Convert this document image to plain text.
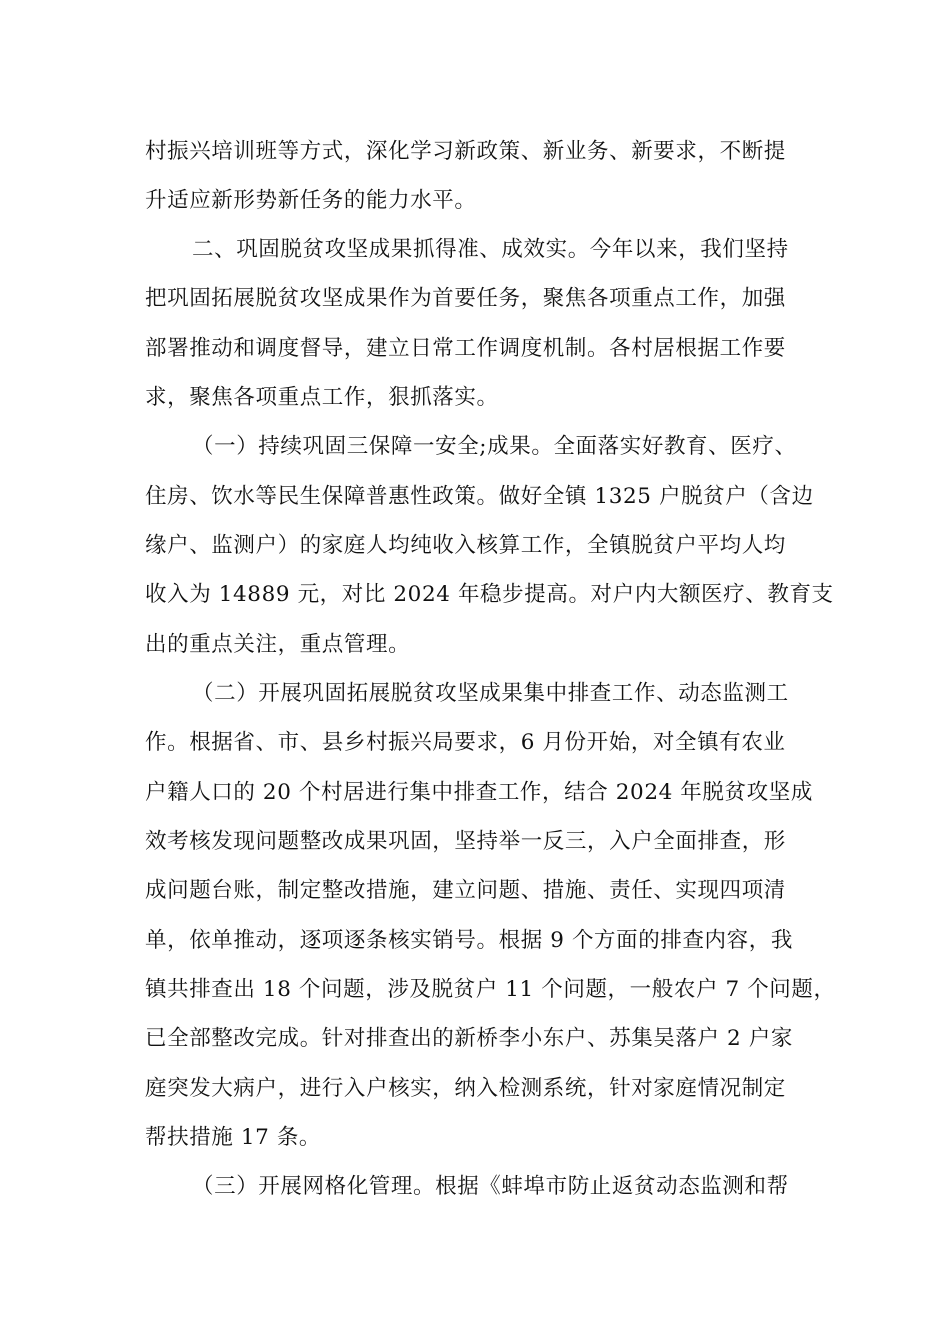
村振兴培训班等方式，深化学习新政策、新业务、新要求，不断提
升适应新形势新任务的能力水平。
二、巩固脱贫攻坚成果抓得准、成效实。今年以来，我们坚持
把巩固拓展脱贫攻坚成果作为首要任务，聚焦各项重点工作，加强
部署推动和调度督导，建立日常工作调度机制。各村居根据工作要
求，聚焦各项重点工作，狠抓落实。
（一）持续巩固三保障一安全;成果。全面落实好教育、医疗、
住房、饮水等民生保障普惠性政策。做好全镇 1325 户脱贫户（含边
缘户、监测户）的家庭人均纯收入核算工作，全镇脱贫户平均人均
收入为 14889 元，对比 2024 年稳步提高。对户内大额医疗、教育支
出的重点关注，重点管理。
（二）开展巩固拓展脱贫攻坚成果集中排查工作、动态监测工
作。根据省、市、县乡村振兴局要求，6 月份开始，对全镇有农业
户籍人口的 20 个村居进行集中排查工作，结合 2024 年脱贫攻坚成
效考核发现问题整改成果巩固，坚持举一反三，入户全面排查，形
成问题台账，制定整改措施，建立问题、措施、责任、实现四项清
单，依单推动，逐项逐条核实销号。根据 9 个方面的排查内容，我
镇共排查出 18 个问题，涉及脱贫户 11 个问题，一般农户 7 个问题，
已全部整改完成。针对排查出的新桥李小东户、苏集吴落户 2 户家
庭突发大病户，进行入户核实，纳入检测系统，针对家庭情况制定
帮扶措施 17 条。
（三）开展网格化管理。根据《蚌埠市防止返贫动态监测和帮
